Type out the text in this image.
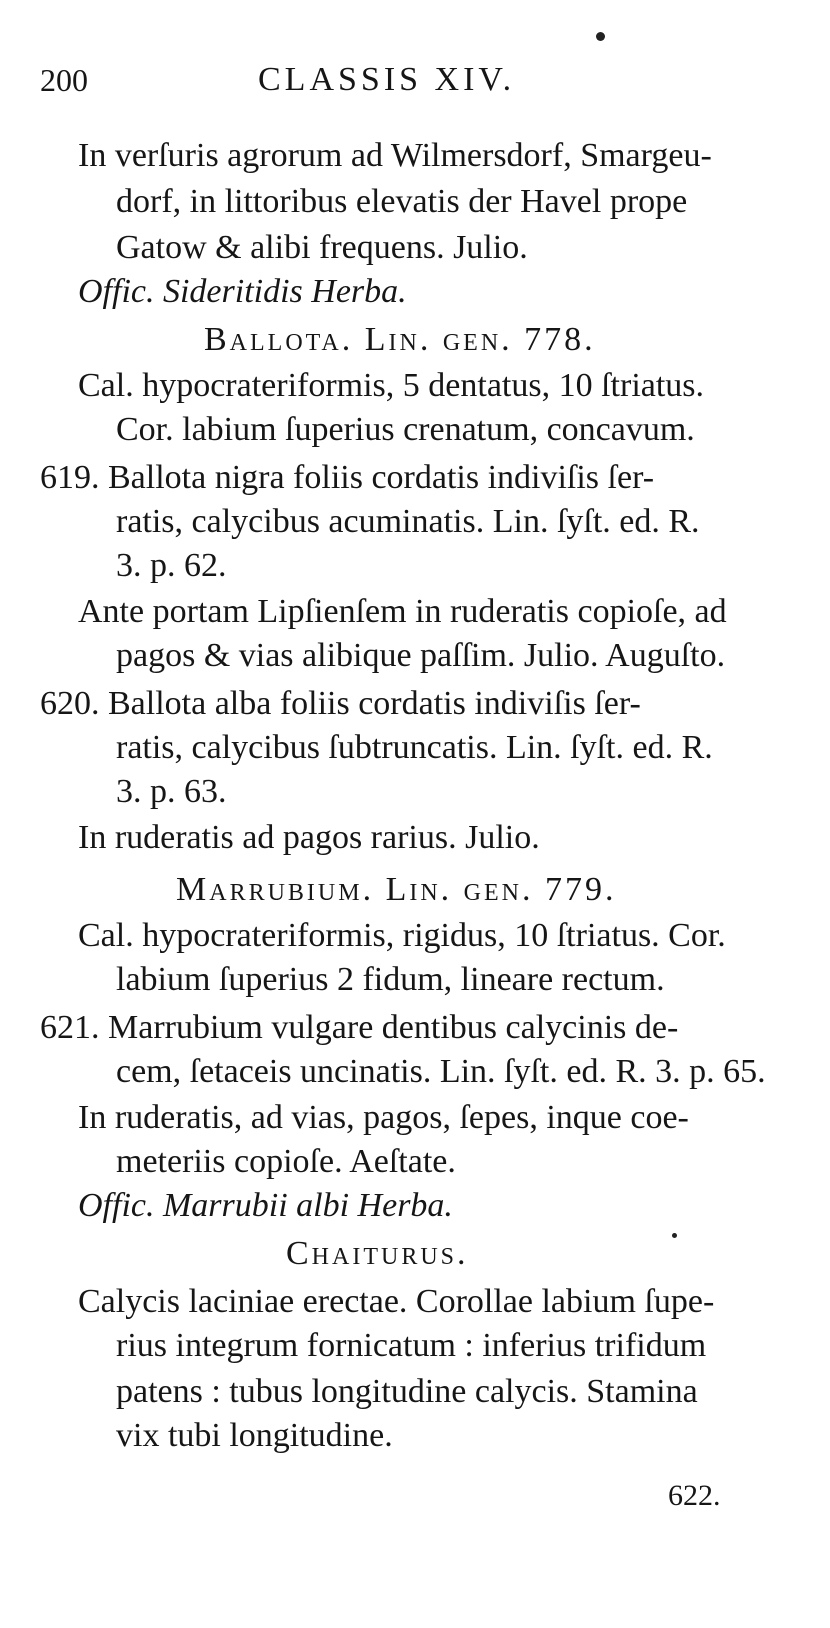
200	CLASSIS XIV.
In verſuris agrorum ad Wilmersdorf, Smargeu-
dorf, in littoribus elevatis der Havel prope
Gatow & alibi frequens. Julio.
Offic. Sideritidis Herba.
Ballota. Lin. gen. 778.
Cal. hypocrateriformis, 5 dentatus, 10 ſtriatus.
Cor. labium ſuperius crenatum, concavum.
619. Ballota nigra foliis cordatis indiviſis ſer-
ratis, calycibus acuminatis. Lin. ſyſt. ed. R.
3. p. 62.
Ante portam Lipſienſem in ruderatis copioſe, ad
pagos & vias alibique paſſim. Julio. Auguſto.
620. Ballota alba foliis cordatis indiviſis ſer-
ratis, calycibus ſubtruncatis. Lin. ſyſt. ed. R.
3. p. 63.
In ruderatis ad pagos rarius. Julio.
Marrubium. Lin. gen. 779.
Cal. hypocrateriformis, rigidus, 10 ſtriatus. Cor.
labium ſuperius 2 fidum, lineare rectum.
621. Marrubium vulgare dentibus calycinis de-
cem, ſetaceis uncinatis. Lin. ſyſt. ed. R. 3. p. 65.
In ruderatis, ad vias, pagos, ſepes, inque coe-
meteriis copioſe. Aeſtate.
Offic. Marrubii albi Herba.
Chaiturus.
Calycis laciniae erectae. Corollae labium ſupe-
rius integrum fornicatum : inferius trifidum
patens : tubus longitudine calycis. Stamina
vix tubi longitudine.
622.
